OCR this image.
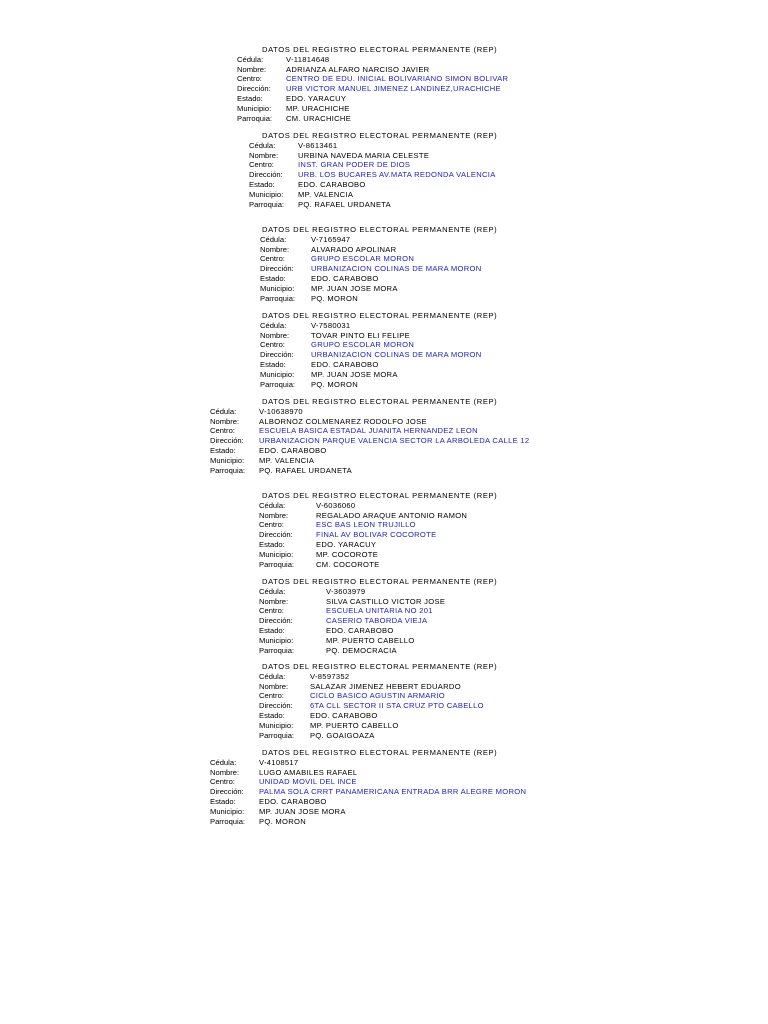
DATOS DEL REGISTRO ELECTORAL PERMANENTE (REP)
Cédula:	V-11814648
Nombre:	ADRIANZA ALFARO NARCISO JAVIER
Centro:	CENTRO DE EDU. INICIAL BOLIVARIANO SIMON BOLIVAR
Dirección: URB VICTOR MANUEL JIMENEZ LANDINEZ,URACHICHE
Estado:	EDO. YARACUY
Municipio: MP. URACHICHE
Parroquia: CM. URACHICHE
DATOS DEL REGISTRO ELECTORAL PERMANENTE (REP)
Cédula:	V-8613461
Nombre:	URBINA NAVEDA MARIA CELESTE
Centro:	INST. GRAN PODER DE DIOS
Dirección: URB. LOS BUCARES AV.MATA REDONDA VALENCIA
Estado:	EDO. CARABOBO
Municipio: MP. VALENCIA
Parroquia: PQ. RAFAEL URDANETA
DATOS DEL REGISTRO ELECTORAL PERMANENTE (REP)
Cédula:	V-7165947
Nombre:	ALVARADO APOLINAR
Centro:	GRUPO ESCOLAR MORON
Dirección: URBANIZACION COLINAS DE MARA MORON
Estado:	EDO. CARABOBO
Municipio: MP. JUAN JOSE MORA
Parroquia: PQ. MORON
DATOS DEL REGISTRO ELECTORAL PERMANENTE (REP)
Cédula:	V-7580031
Nombre:	TOVAR PINTO ELI FELIPE
Centro:	GRUPO ESCOLAR MORON
Dirección: URBANIZACION COLINAS DE MARA MORON
Estado:	EDO. CARABOBO
Municipio: MP. JUAN JOSE MORA
Parroquia: PQ. MORON
DATOS DEL REGISTRO ELECTORAL PERMANENTE (REP)
Cédula:	V-10638970
Nombre:	ALBORNOZ COLMENAREZ RODOLFO JOSE
Centro:	ESCUELA BASICA ESTADAL JUANITA HERNANDEZ LEON
Dirección: URBANIZACION PARQUE VALENCIA SECTOR LA ARBOLEDA CALLE 12
Estado:	EDO. CARABOBO
Municipio: MP. VALENCIA
Parroquia: PQ. RAFAEL URDANETA
DATOS DEL REGISTRO ELECTORAL PERMANENTE (REP)
Cédula:	V-6036060
Nombre:	REGALADO ARAQUE ANTONIO RAMON
Centro:	ESC BAS LEON TRUJILLO
Dirección:	FINAL AV BOLIVAR COCOROTE
Estado:	EDO. YARACUY
Municipio:	MP. COCOROTE
Parroquia:	CM. COCOROTE
DATOS DEL REGISTRO ELECTORAL PERMANENTE (REP)
Cédula:	V-3603979
Nombre:	SILVA CASTILLO VICTOR JOSE
Centro:	ESCUELA UNITARIA NO 201
Dirección:	CASERIO TABORDA VIEJA
Estado:	EDO. CARABOBO
Municipio:	MP. PUERTO CABELLO
Parroquia:	PQ. DEMOCRACIA
DATOS DEL REGISTRO ELECTORAL PERMANENTE (REP)
Cédula:	V-8597352
Nombre:	SALAZAR JIMENEZ HEBERT EDUARDO
Centro:	CICLO BASICO AGUSTIN ARMARIO
Dirección: 6TA CLL SECTOR II STA CRUZ PTO CABELLO
Estado:	EDO. CARABOBO
Municipio: MP. PUERTO CABELLO
Parroquia: PQ. GOAIGOAZA
DATOS DEL REGISTRO ELECTORAL PERMANENTE (REP)
Cédula:	V-4108517
Nombre:	LUGO AMABILES RAFAEL
Centro:	UNIDAD MOVIL DEL INCE
Dirección: PALMA SOLA CRRT PANAMERICANA ENTRADA BRR ALEGRE MORON
Estado:	EDO. CARABOBO
Municipio: MP. JUAN JOSE MORA
Parroquia: PQ. MORON
